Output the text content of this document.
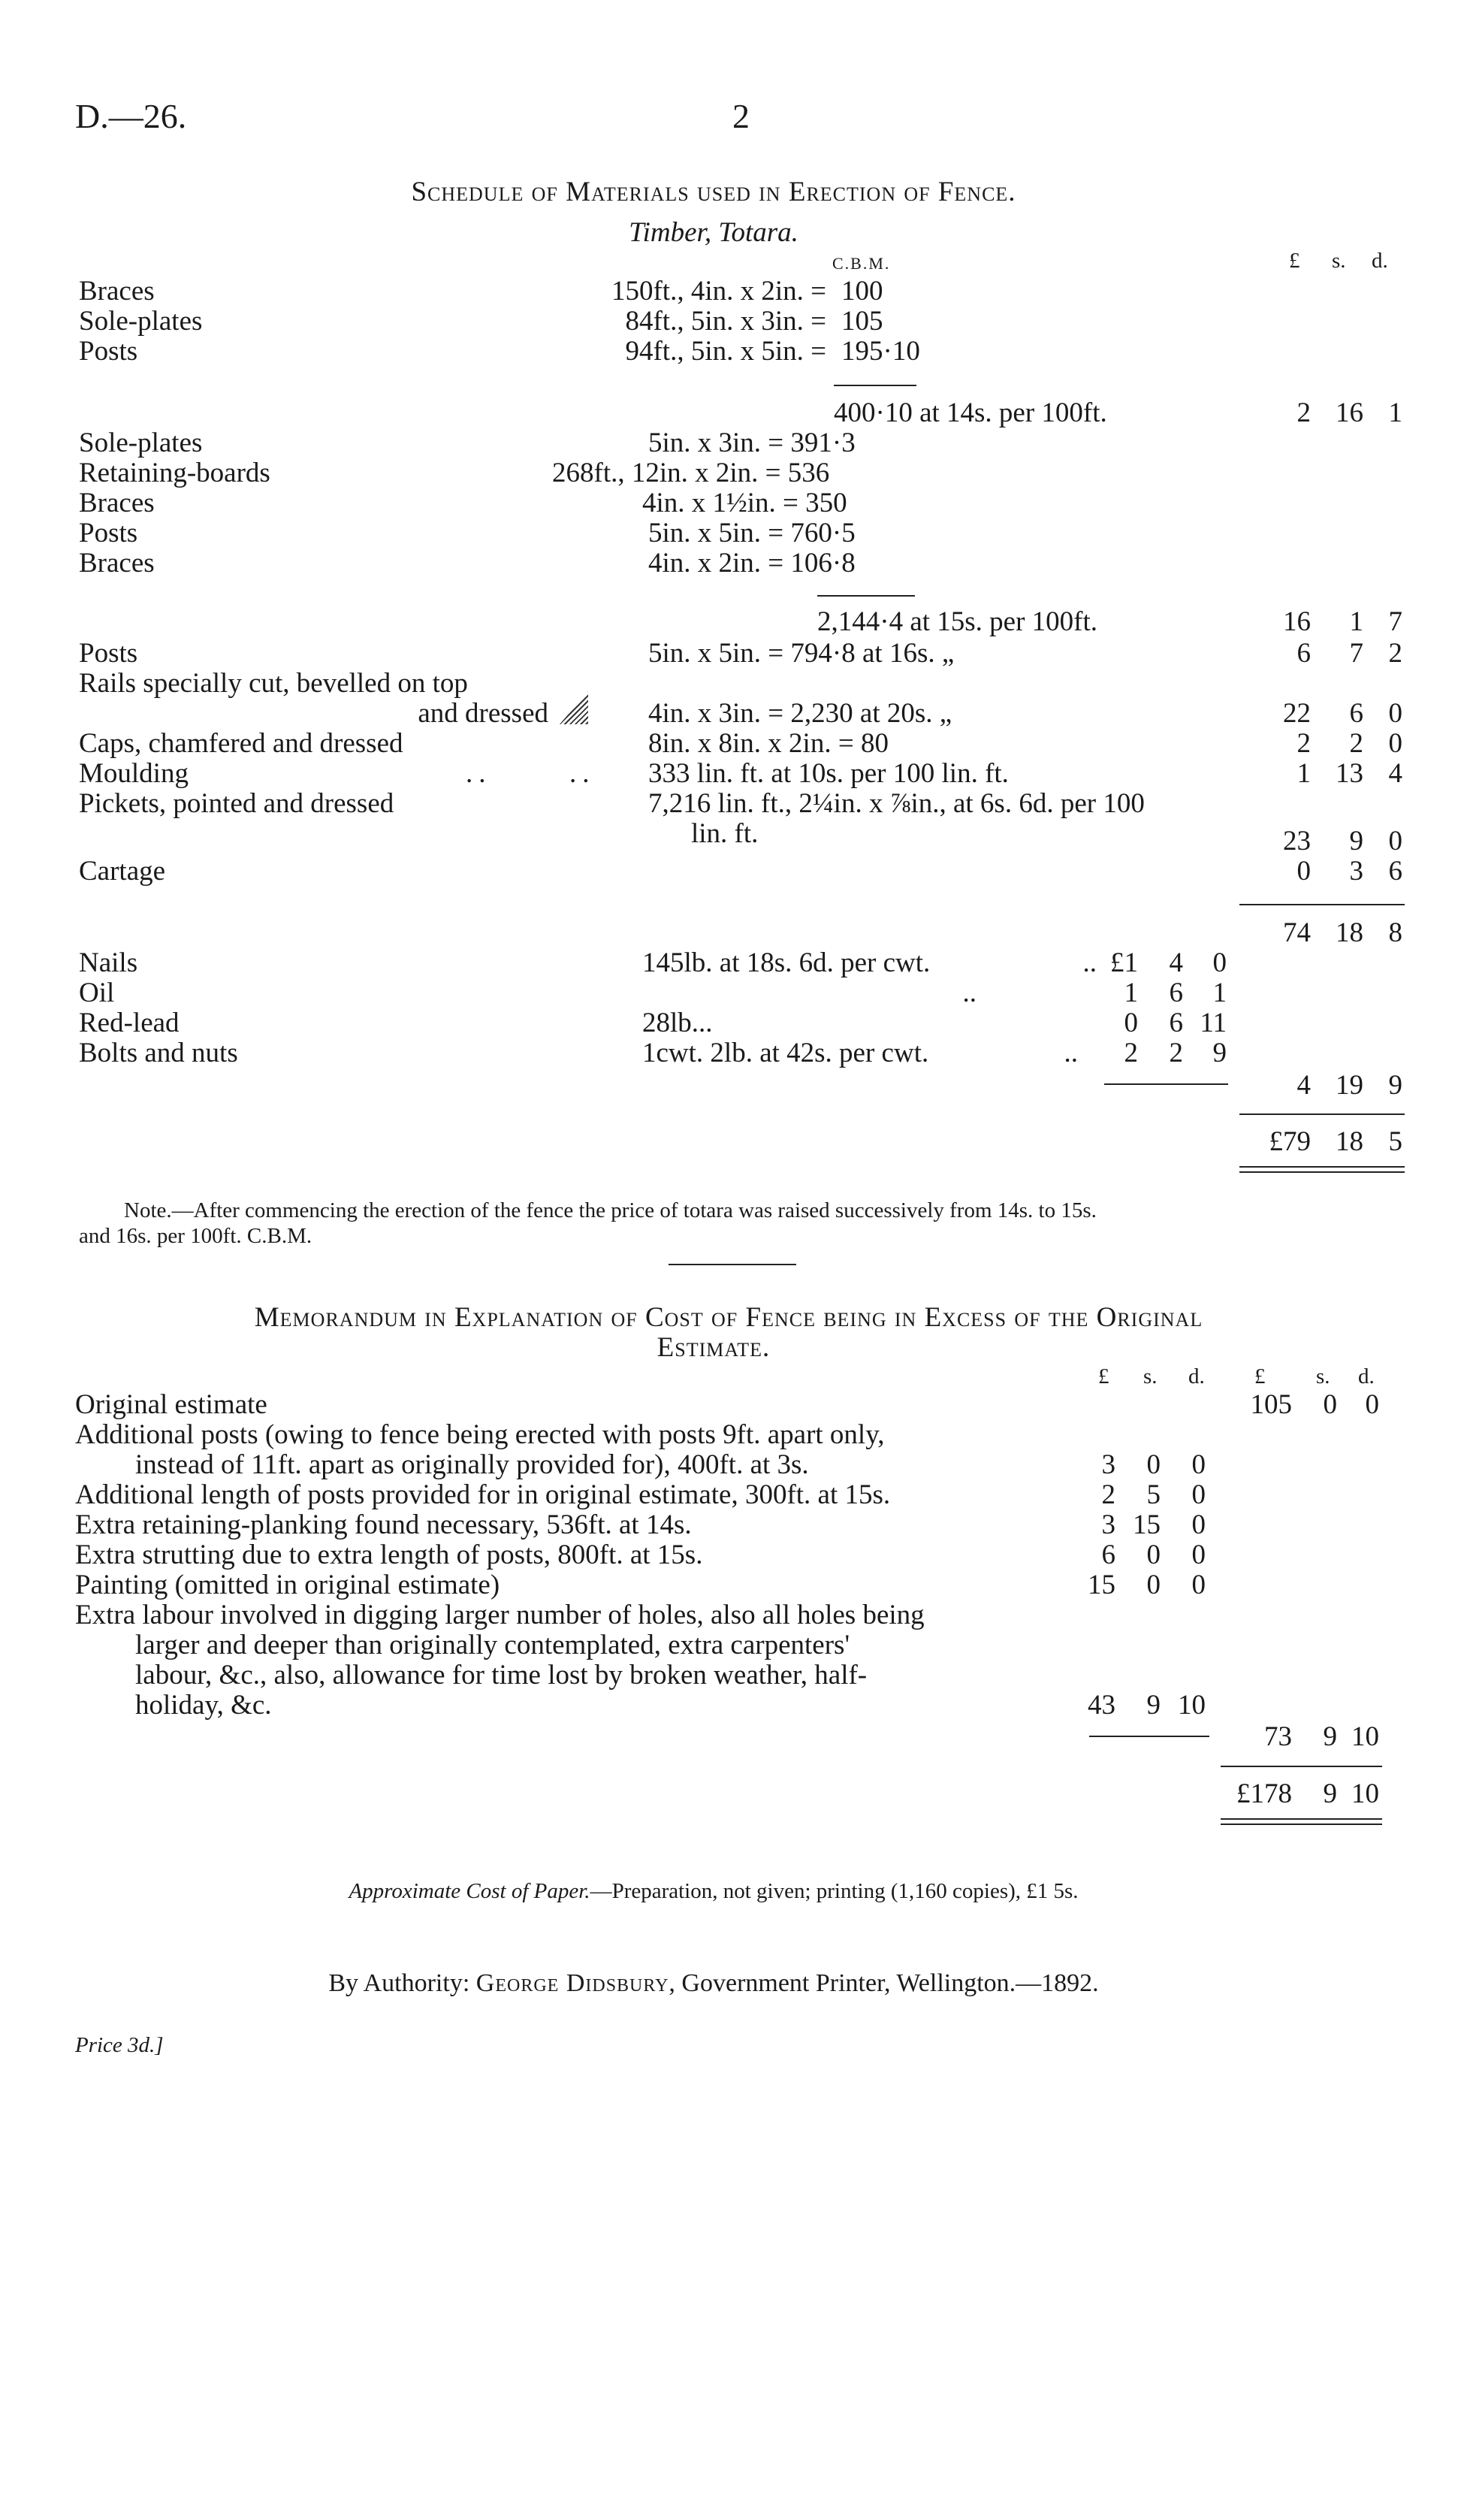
D.—26.	2
Schedule of Materials used in Erection of Fence.
Timber, Totara.
C.B.M.	£ s. d.
Braces	150ft., 4in. x 2in. = 100
Sole-plates	84ft., 5in. x 3in. = 105
Posts	94ft., 5in. x 5in. = 195·10
400·10 at 14s. per 100ft.	2 16 1
Sole-plates	5in. x 3in. = 391·3
Retaining-boards	268ft., 12in. x 2in. = 536
Braces	4in. x 1½in. = 350
Posts	5in. x 5in. = 760·5
Braces	4in. x 2in. = 106·8
2,144·4 at 15s. per 100ft.	16	1 7
Posts	5in. x 5in. = 794·8 at 16s. „	6	7 2
Rails specially cut, bevelled on top
and dressed	4in. x 3in. = 2,230 at 20s. „	22	6 0
Caps, chamfered and dressed	8in. x 8in. x 2in. = 80	2	2 0
Moulding	..      .. 333 lin. ft. at 10s. per 100 lin. ft.	1 13 4
Pickets, pointed and dressed	7,216 lin. ft., 2¼in. x ⅞in., at 6s. 6d. per 100
lin. ft.	23	9 0
Cartage	0	3 6
74 18 8
Nails	145lb. at 18s. 6d. per cwt.	.. £1	4	0
Oil	..	1	6	1
Red-lead	28lb...	0	6 11
Bolts and nuts	1cwt. 2lb. at 42s. per cwt.	..	2	2	9
4 19 9
£79 18 5
Note.—After commencing the erection of the fence the price of totara was raised successively from 14s. to 15s.
and 16s. per 100ft. C.B.M.
Memorandum in Explanation of Cost of Fence being in Excess of the Original
Estimate.
£ s. d. £ s. d.
Original estimate	105	0	0
Additional posts (owing to fence being erected with posts 9ft. apart only,
instead of 11ft. apart as originally provided for), 400ft. at 3s.	3	0	0
Additional length of posts provided for in original estimate, 300ft. at 15s.	2	5	0
Extra retaining-planking found necessary, 536ft. at 14s.	3 15	0
Extra strutting due to extra length of posts, 800ft. at 15s.	6	0	0
Painting (omitted in original estimate)	15	0	0
Extra labour involved in digging larger number of holes, also all holes being
larger and deeper than originally contemplated, extra carpenters'
labour, &c., also, allowance for time lost by broken weather, half-
holiday, &c.	43	9 10
73	9 10
£178	9 10
Approximate Cost of Paper.—Preparation, not given; printing (1,160 copies), £1 5s.
By Authority: George Didsbury, Government Printer, Wellington.—1892.
Price 3d.]
